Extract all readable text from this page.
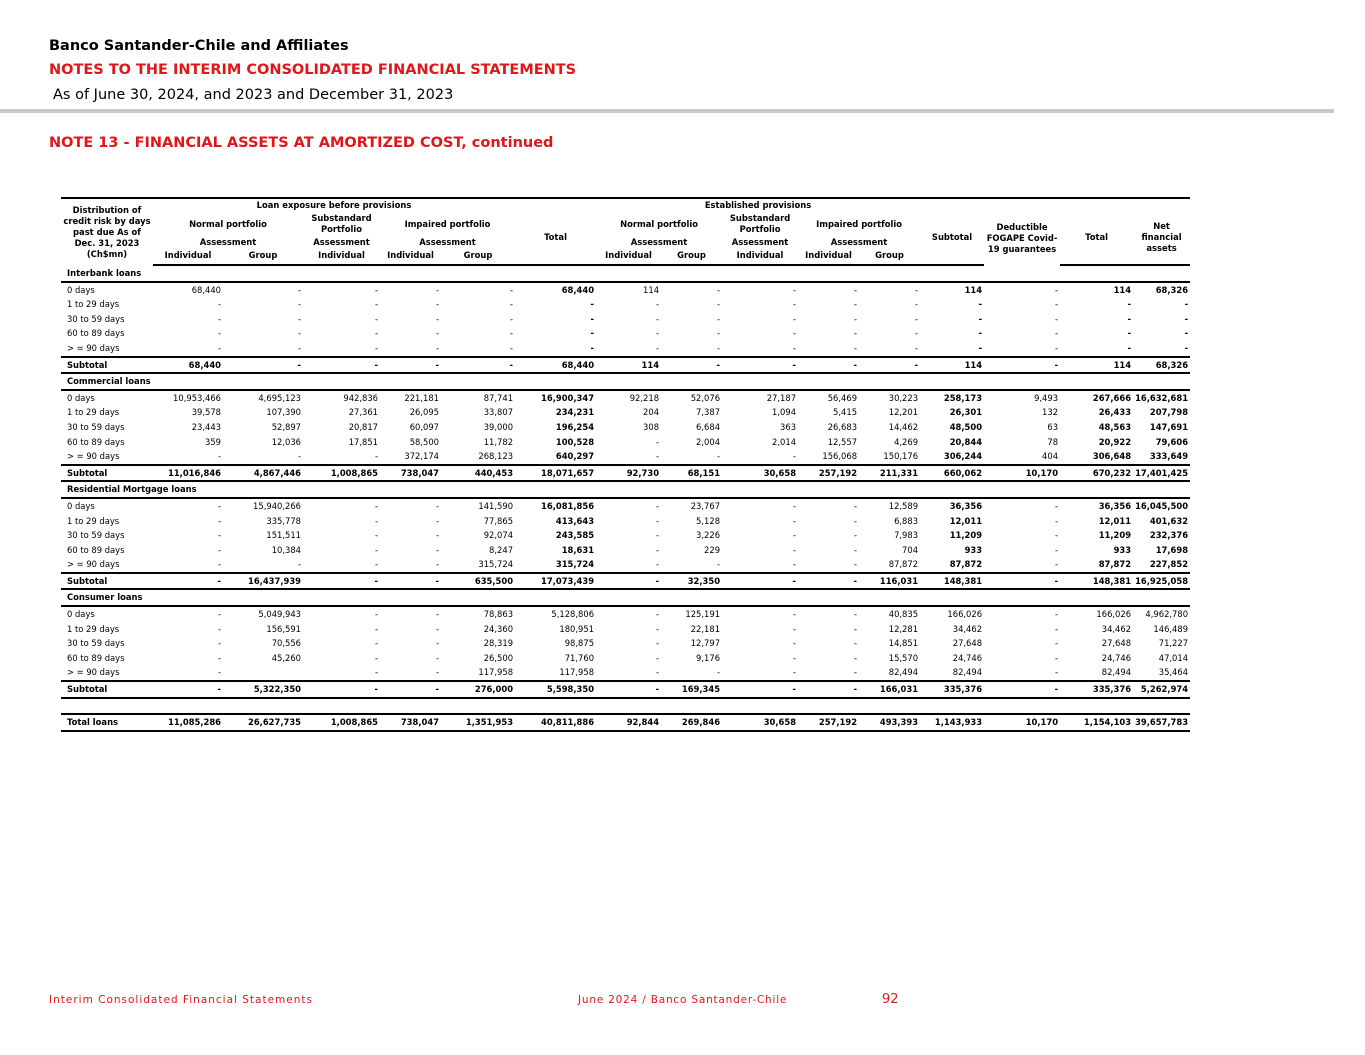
Banco Santander-Chile and Affiliates
NOTES TO THE INTERIM CONSOLIDATED FINANCIAL STATEMENTS
As of June 30, 2024, and 2023 and December 31, 2023
NOTE 13 - FINANCIAL ASSETS AT AMORTIZED COST, continued
Distribution of credit risk by days past due As of Dec. 31, 2023 (Ch$mn)	Loan exposure before provisions						Established provisions								
	Normal portfolio		Substandard Portfolio	Impaired portfolio		Total	Normal portfolio		Substandard Portfolio	Impaired portfolio		Subtotal	Deductible FOGAPE Covid-19 guarantees	Total	Net financial assets
	Assessment		Assessment	Assessment			Assessment		Assessment	Assessment					
	Individual	Group	Individual	Individual	Group		Individual	Group	Individual	Individual	Group				

Interbank loans															
0 days	68,440	-	-	-	-	68,440	114	-	-	-	-	114	-	114	68,326
1 to 29 days	-	-	-	-	-	-	-	-	-	-	-	-	-	-	-
30 to 59 days	-	-	-	-	-	-	-	-	-	-	-	-	-	-	-
60 to 89 days	-	-	-	-	-	-	-	-	-	-	-	-	-	-	-
> = 90 days	-	-	-	-	-	-	-	-	-	-	-	-	-	-	-
Subtotal	68,440	-	-	-	-	68,440	114	-	-	-	-	114	-	114	68,326
Commercial loans															
0 days	10,953,466	4,695,123	942,836	221,181	87,741	16,900,347	92,218	52,076	27,187	56,469	30,223	258,173	9,493	267,666	16,632,681
1 to 29 days	39,578	107,390	27,361	26,095	33,807	234,231	204	7,387	1,094	5,415	12,201	26,301	132	26,433	207,798
30 to 59 days	23,443	52,897	20,817	60,097	39,000	196,254	308	6,684	363	26,683	14,462	48,500	63	48,563	147,691
60 to 89 days	359	12,036	17,851	58,500	11,782	100,528	-	2,004	2,014	12,557	4,269	20,844	78	20,922	79,606
> = 90 days	-	-	-	372,174	268,123	640,297	-	-	-	156,068	150,176	306,244	404	306,648	333,649
Subtotal	11,016,846	4,867,446	1,008,865	738,047	440,453	18,071,657	92,730	68,151	30,658	257,192	211,331	660,062	10,170	670,232	17,401,425
Residential Mortgage loans															
0 days	-	15,940,266	-	-	141,590	16,081,856	-	23,767	-	-	12,589	36,356	-	36,356	16,045,500
1 to 29 days	-	335,778	-	-	77,865	413,643	-	5,128	-	-	6,883	12,011	-	12,011	401,632
30 to 59 days	-	151,511	-	-	92,074	243,585	-	3,226	-	-	7,983	11,209	-	11,209	232,376
60 to 89 days	-	10,384	-	-	8,247	18,631	-	229	-	-	704	933	-	933	17,698
> = 90 days	-	-	-	-	315,724	315,724	-	-	-	-	87,872	87,872	-	87,872	227,852
Subtotal	-	16,437,939	-	-	635,500	17,073,439	-	32,350	-	-	116,031	148,381	-	148,381	16,925,058
Consumer loans															
0 days	-	5,049,943	-	-	78,863	5,128,806	-	125,191	-	-	40,835	166,026	-	166,026	4,962,780
1 to 29 days	-	156,591	-	-	24,360	180,951	-	22,181	-	-	12,281	34,462	-	34,462	146,489
30 to 59 days	-	70,556	-	-	28,319	98,875	-	12,797	-	-	14,851	27,648	-	27,648	71,227
60 to 89 days	-	45,260	-	-	26,500	71,760	-	9,176	-	-	15,570	24,746	-	24,746	47,014
> = 90 days	-		-	-	117,958	117,958	-	-	-	-	82,494	82,494	-	82,494	35,464
Subtotal	-	5,322,350	-	-	276,000	5,598,350	-	169,345	-	-	166,031	335,376	-	335,376	5,262,974

Total loans	11,085,286	26,627,735	1,008,865	738,047	1,351,953	40,811,886	92,844	269,846	30,658	257,192	493,393	1,143,933	10,170	1,154,103	39,657,783
Interim Consolidated Financial Statements	June 2024 / Banco Santander-Chile	92
